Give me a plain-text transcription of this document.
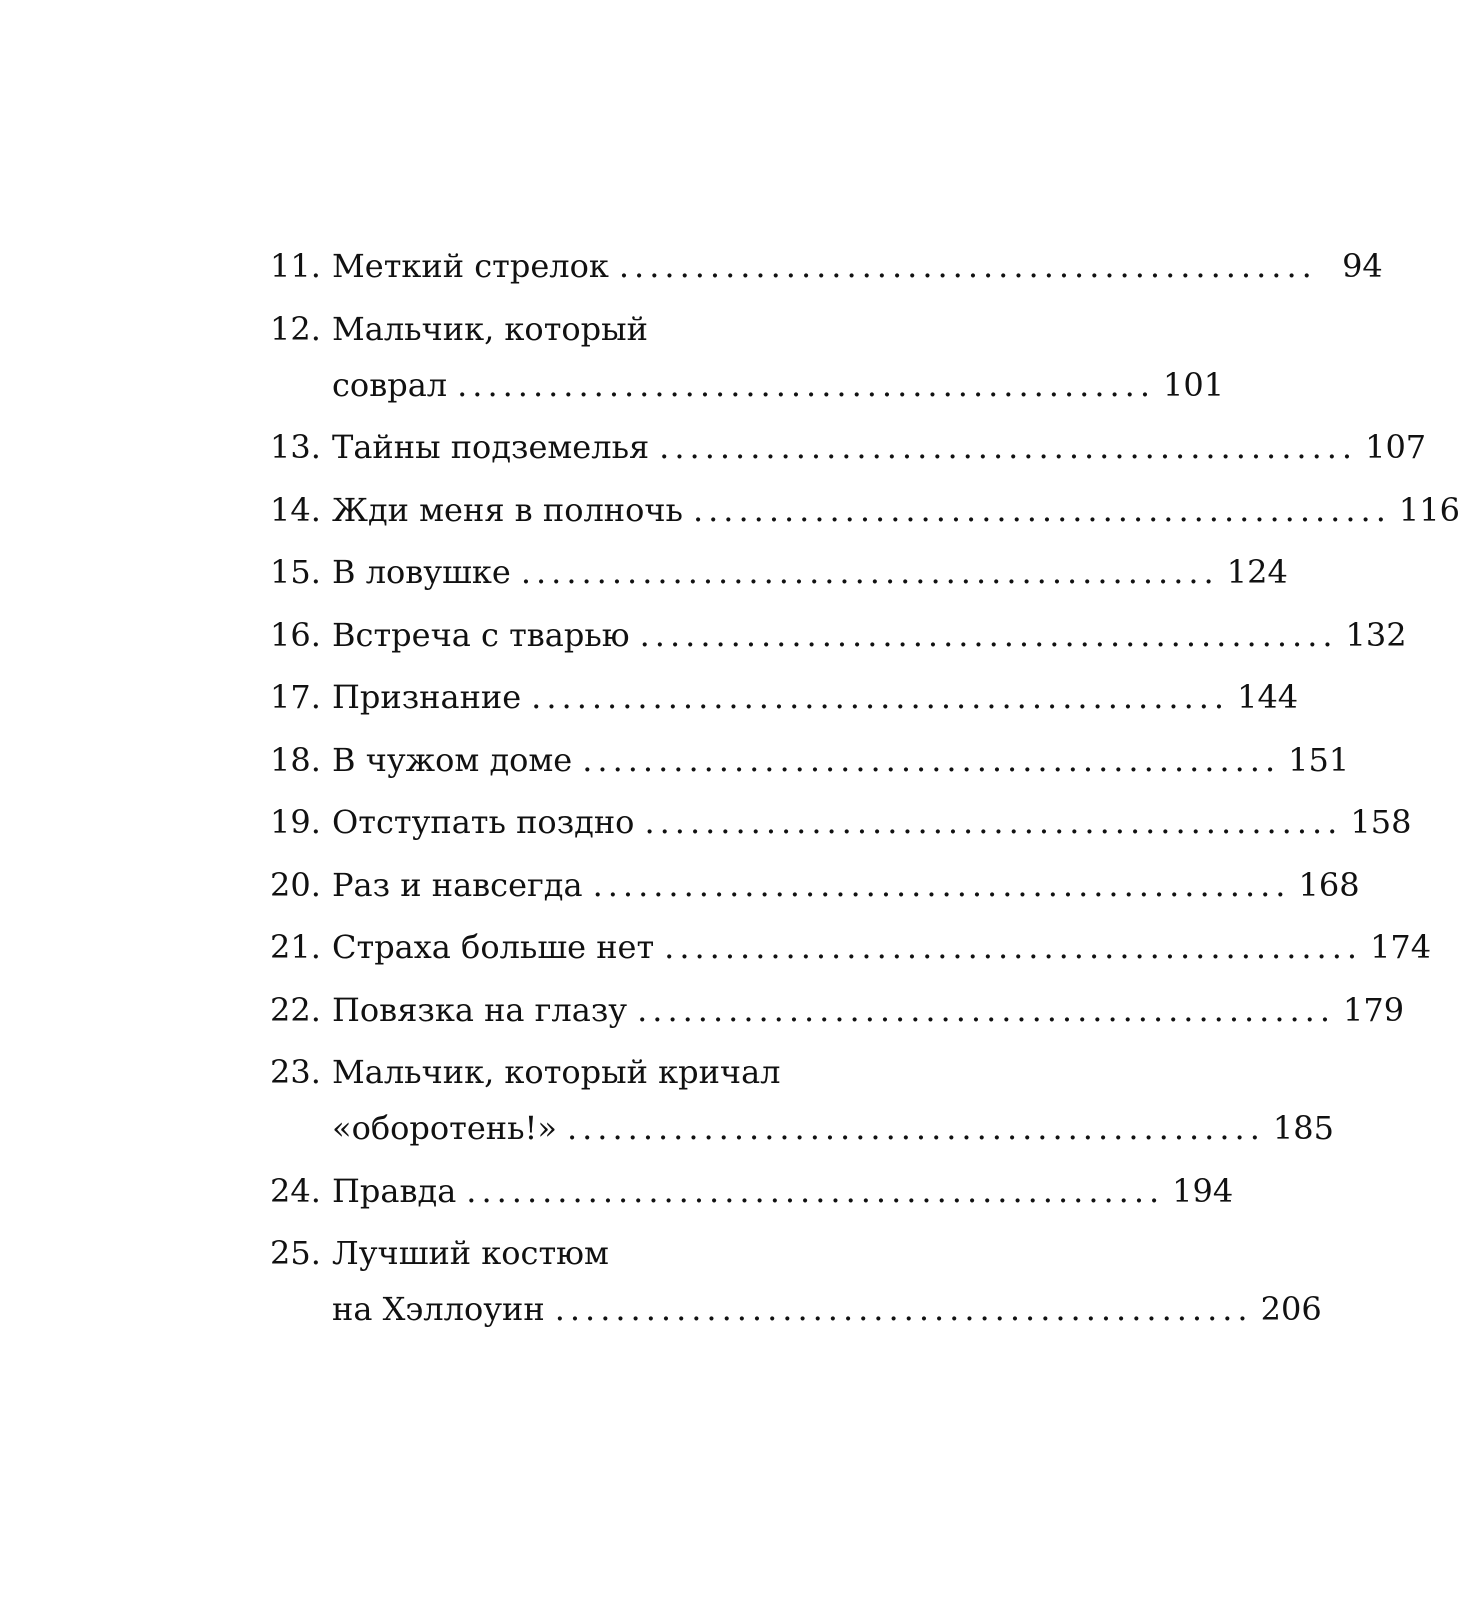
11. Меткий стрелок .............................................. 94
12. Мальчик, который
соврал .............................................. 101
13. Тайны подземелья .............................................. 107
14. Жди меня в полночь .............................................. 116
15. В ловушке .............................................. 124
16. Встреча с тварью .............................................. 132
17. Признание .............................................. 144
18. В чужом доме .............................................. 151
19. Отступать поздно .............................................. 158
20. Раз и навсегда .............................................. 168
21. Страха больше нет .............................................. 174
22. Повязка на глазу .............................................. 179
23. Мальчик, который кричал
«оборотень!» .............................................. 185
24. Правда .............................................. 194
25. Лучший костюм
на Хэллоуин .............................................. 206
